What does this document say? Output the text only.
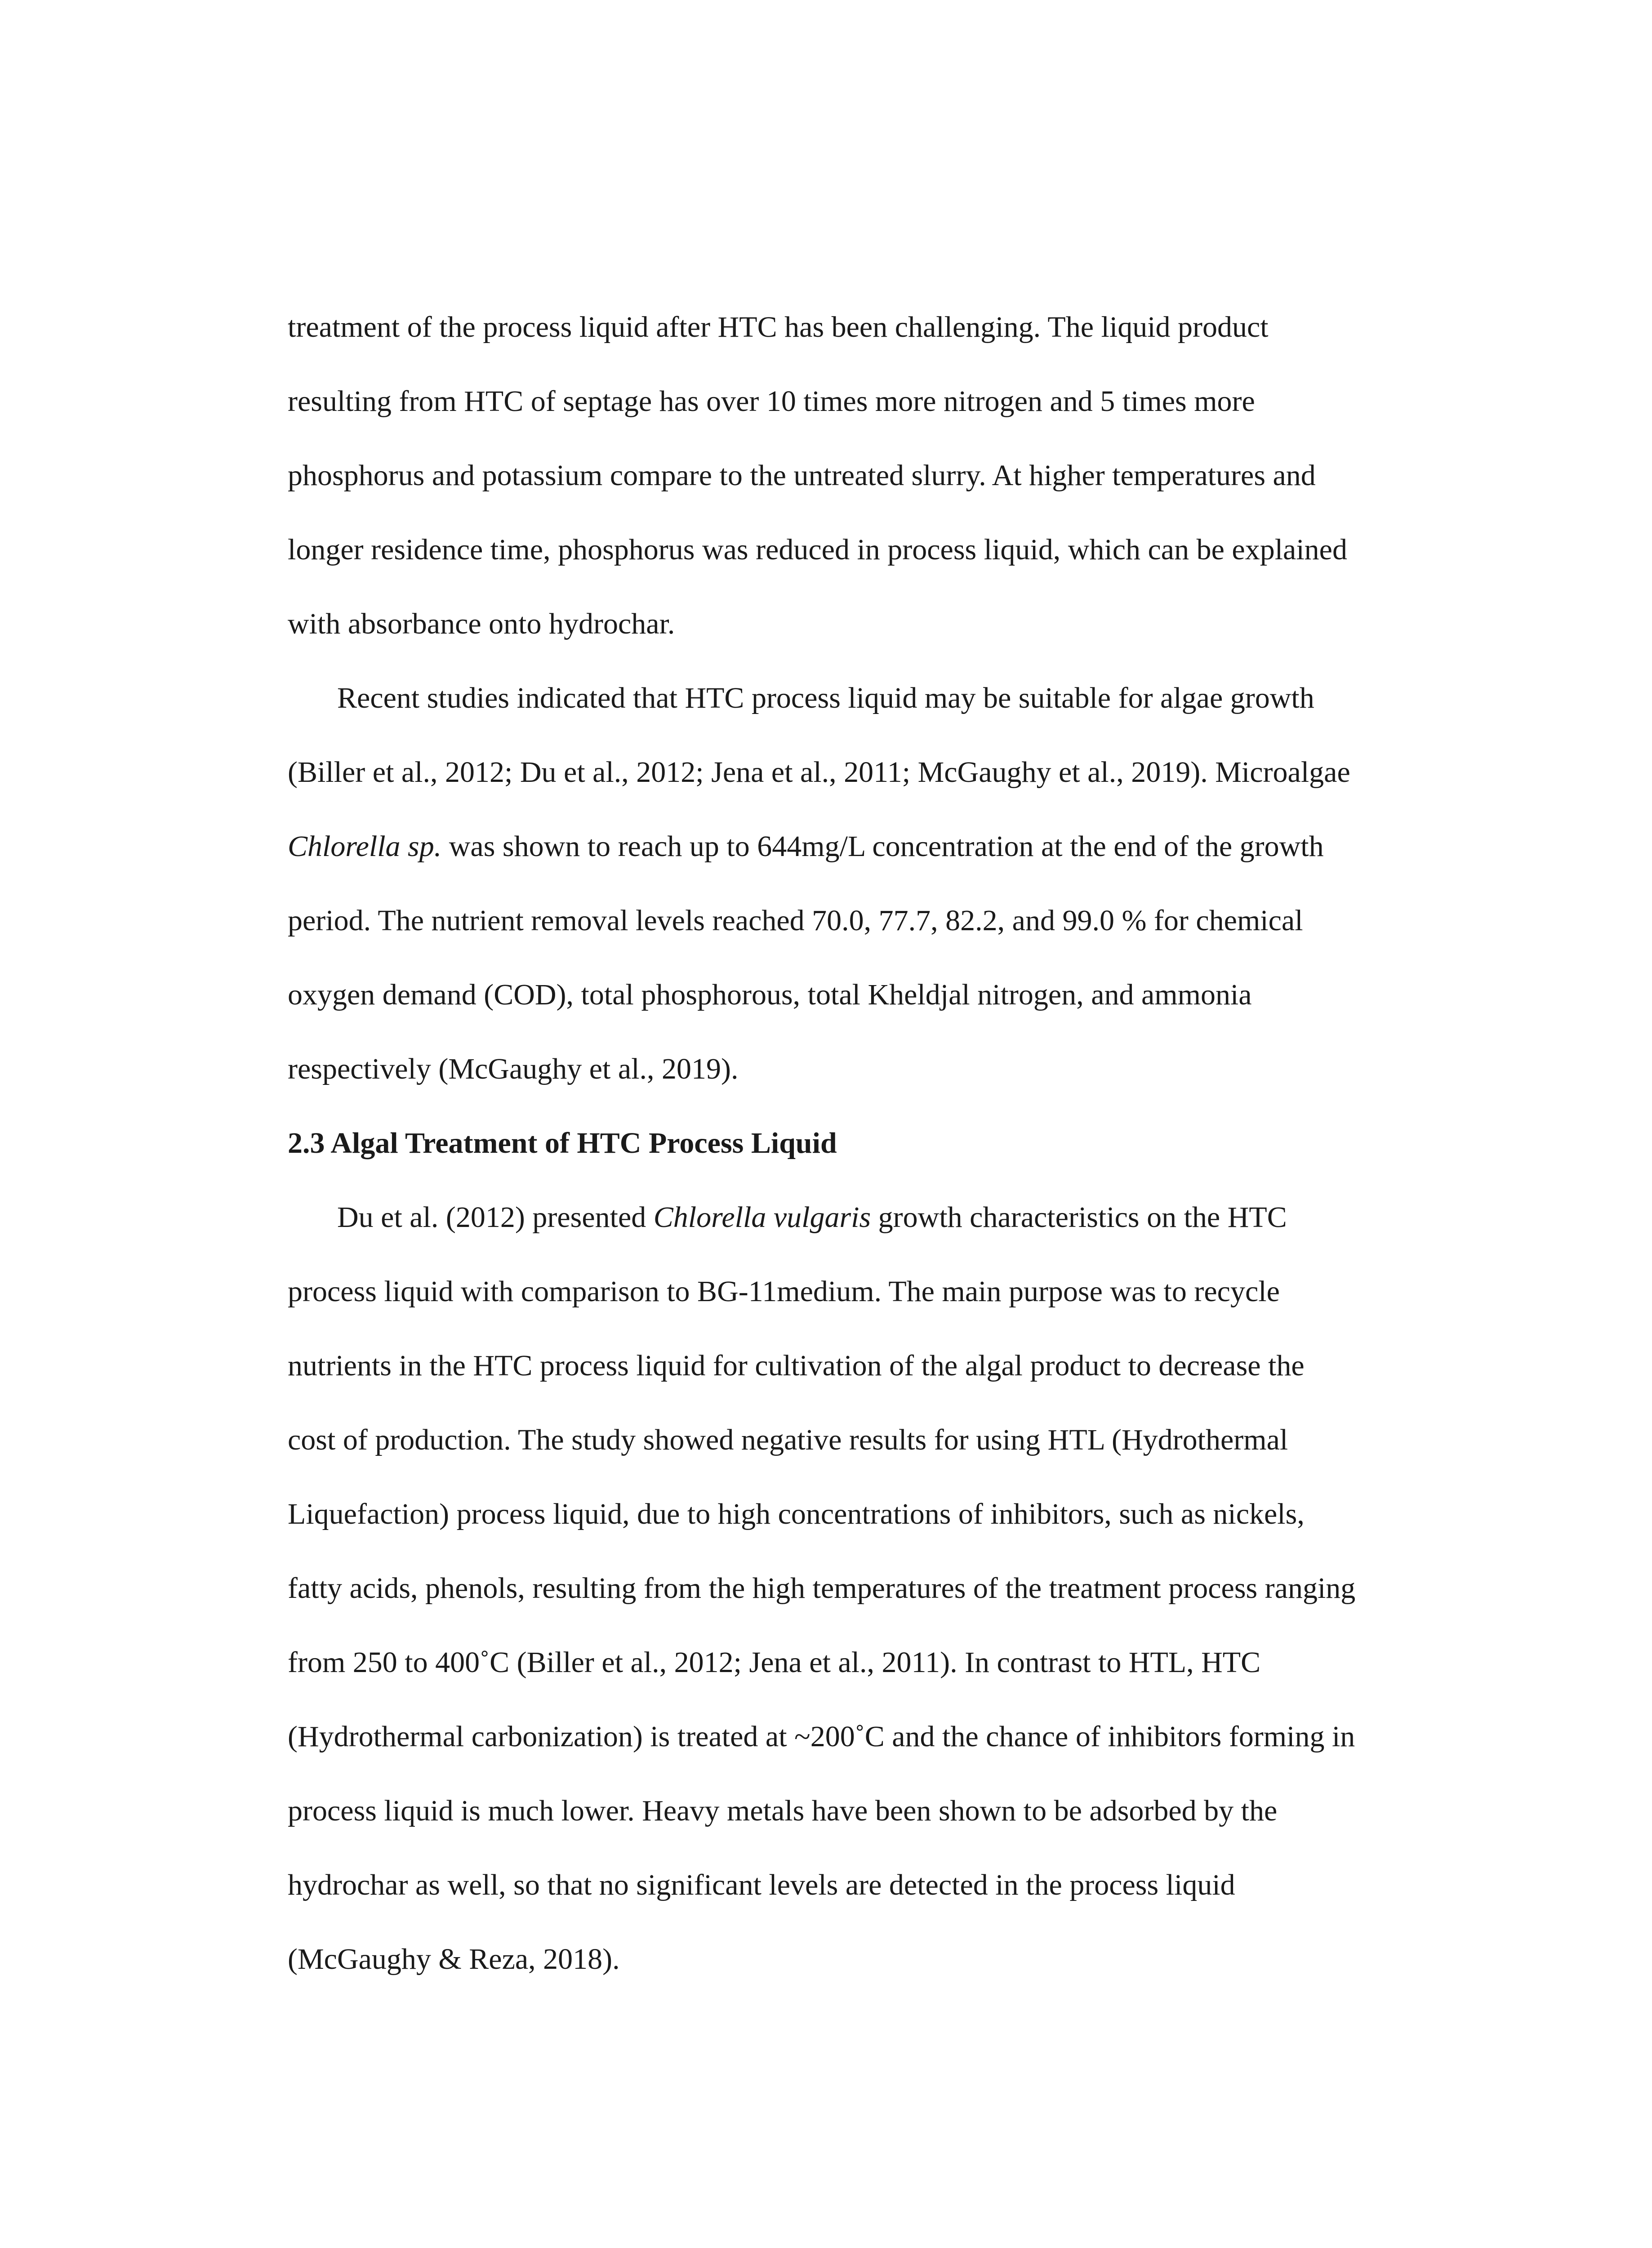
treatment of the process liquid after HTC has been challenging. The liquid product
resulting from HTC of septage has over 10 times more nitrogen and 5 times more
phosphorus and potassium compare to the untreated slurry. At higher temperatures and
longer residence time, phosphorus was reduced in process liquid, which can be explained
with absorbance onto hydrochar.

Recent studies indicated that HTC process liquid may be suitable for algae growth
(Biller et al., 2012; Du et al., 2012; Jena et al., 2011; McGaughy et al., 2019). Microalgae
Chlorella sp. was shown to reach up to 644mg/L concentration at the end of the growth
period. The nutrient removal levels reached 70.0, 77.7, 82.2, and 99.0 % for chemical
oxygen demand (COD), total phosphorous, total Kheldjal nitrogen, and ammonia
respectively (McGaughy et al., 2019).

2.3 Algal Treatment of HTC Process Liquid

Du et al. (2012) presented Chlorella vulgaris growth characteristics on the HTC
process liquid with comparison to BG-11medium. The main purpose was to recycle
nutrients in the HTC process liquid for cultivation of the algal product to decrease the
cost of production. The study showed negative results for using HTL (Hydrothermal
Liquefaction) process liquid, due to high concentrations of inhibitors, such as nickels,
fatty acids, phenols, resulting from the high temperatures of the treatment process ranging
from 250 to 400˚C (Biller et al., 2012; Jena et al., 2011). In contrast to HTL, HTC
(Hydrothermal carbonization) is treated at ~200˚C and the chance of inhibitors forming in
process liquid is much lower. Heavy metals have been shown to be adsorbed by the
hydrochar as well, so that no significant levels are detected in the process liquid
(McGaughy & Reza, 2018).
